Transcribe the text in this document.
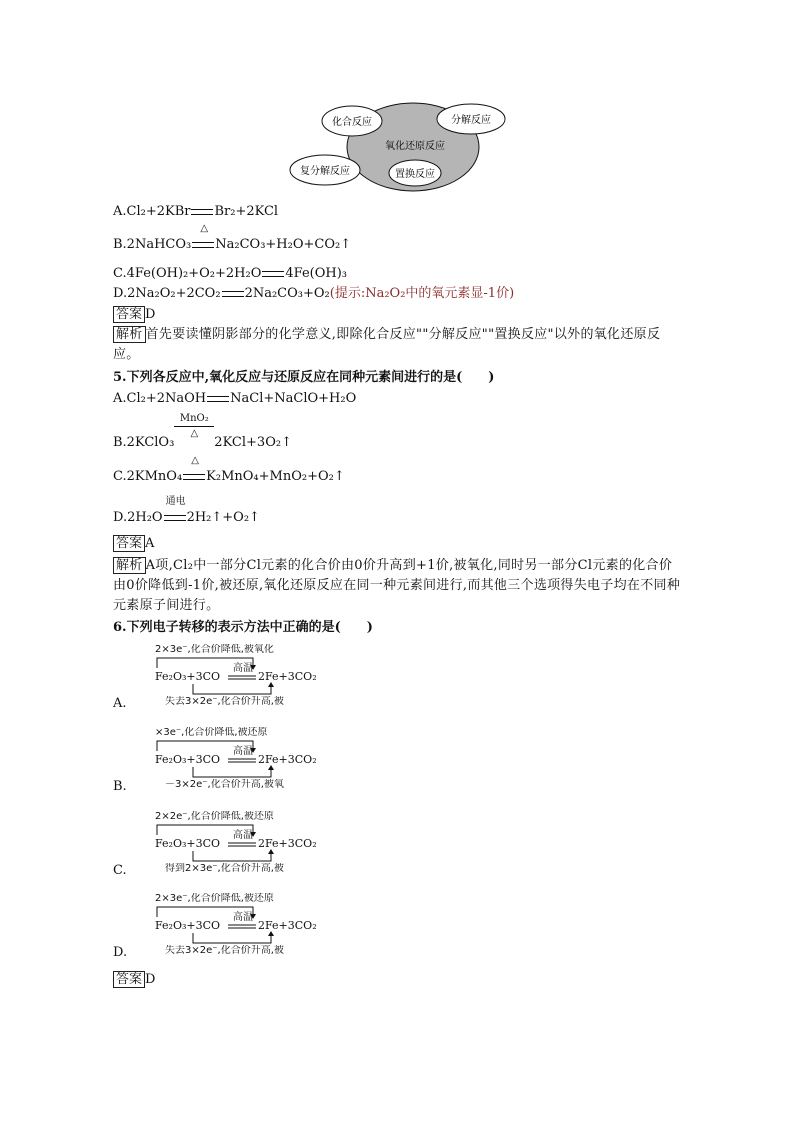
氧化还原反应
化合反应	分解反应
复分解反应	置换反应
A.Cl₂+2KBr Br₂+2KCl
B.2NaHCO₃
△
Na₂CO₃+H₂O+CO₂↑
C.4Fe(OH)₂+O₂+2H₂O 4Fe(OH)₃
D.2Na₂O₂+2CO₂ 2Na₂CO₃+O₂(提示:Na₂O₂中的氧元素显-1价)
答案 D
解析 首先要读懂阴影部分的化学意义,即除化合反应""分解反应""置换反应"以外的氧化还原反应。
5.下列各反应中,氧化反应与还原反应在同种元素间进行的是(　　)
A.Cl₂+2NaOH NaCl+NaClO+H₂O
B.2KClO₃
MnO₂
△
2KCl+3O₂↑
C.2KMnO₄
△
K₂MnO₄+MnO₂+O₂↑
D.2H₂O
通电
2H₂↑+O₂↑
答案 A
解析 A项,Cl₂中一部分Cl元素的化合价由0价升高到+1价,被氧化,同时另一部分Cl元素的化合价由0价降低到-1价,被还原,氧化还原反应在同一种元素间进行,而其他三个选项得失电子均在不同种元素原子间进行。
6.下列电子转移的表示方法中正确的是(　　)
A.
2×3e⁻,化合价降低,被氧化
Fe₂O₃+3CO
高温
2Fe+3CO₂
失去3×2e⁻,化合价升高,被
B.
×3e⁻,化合价降低,被还原
Fe₂O₃+3CO
高温
2Fe+3CO₂
－3×2e⁻,化合价升高,被氧
C.
2×2e⁻,化合价降低,被还原
Fe₂O₃+3CO
高温
2Fe+3CO₂
得到2×3e⁻,化合价升高,被
D.
2×3e⁻,化合价降低,被还原
Fe₂O₃+3CO
高温
2Fe+3CO₂
失去3×2e⁻,化合价升高,被
答案 D
